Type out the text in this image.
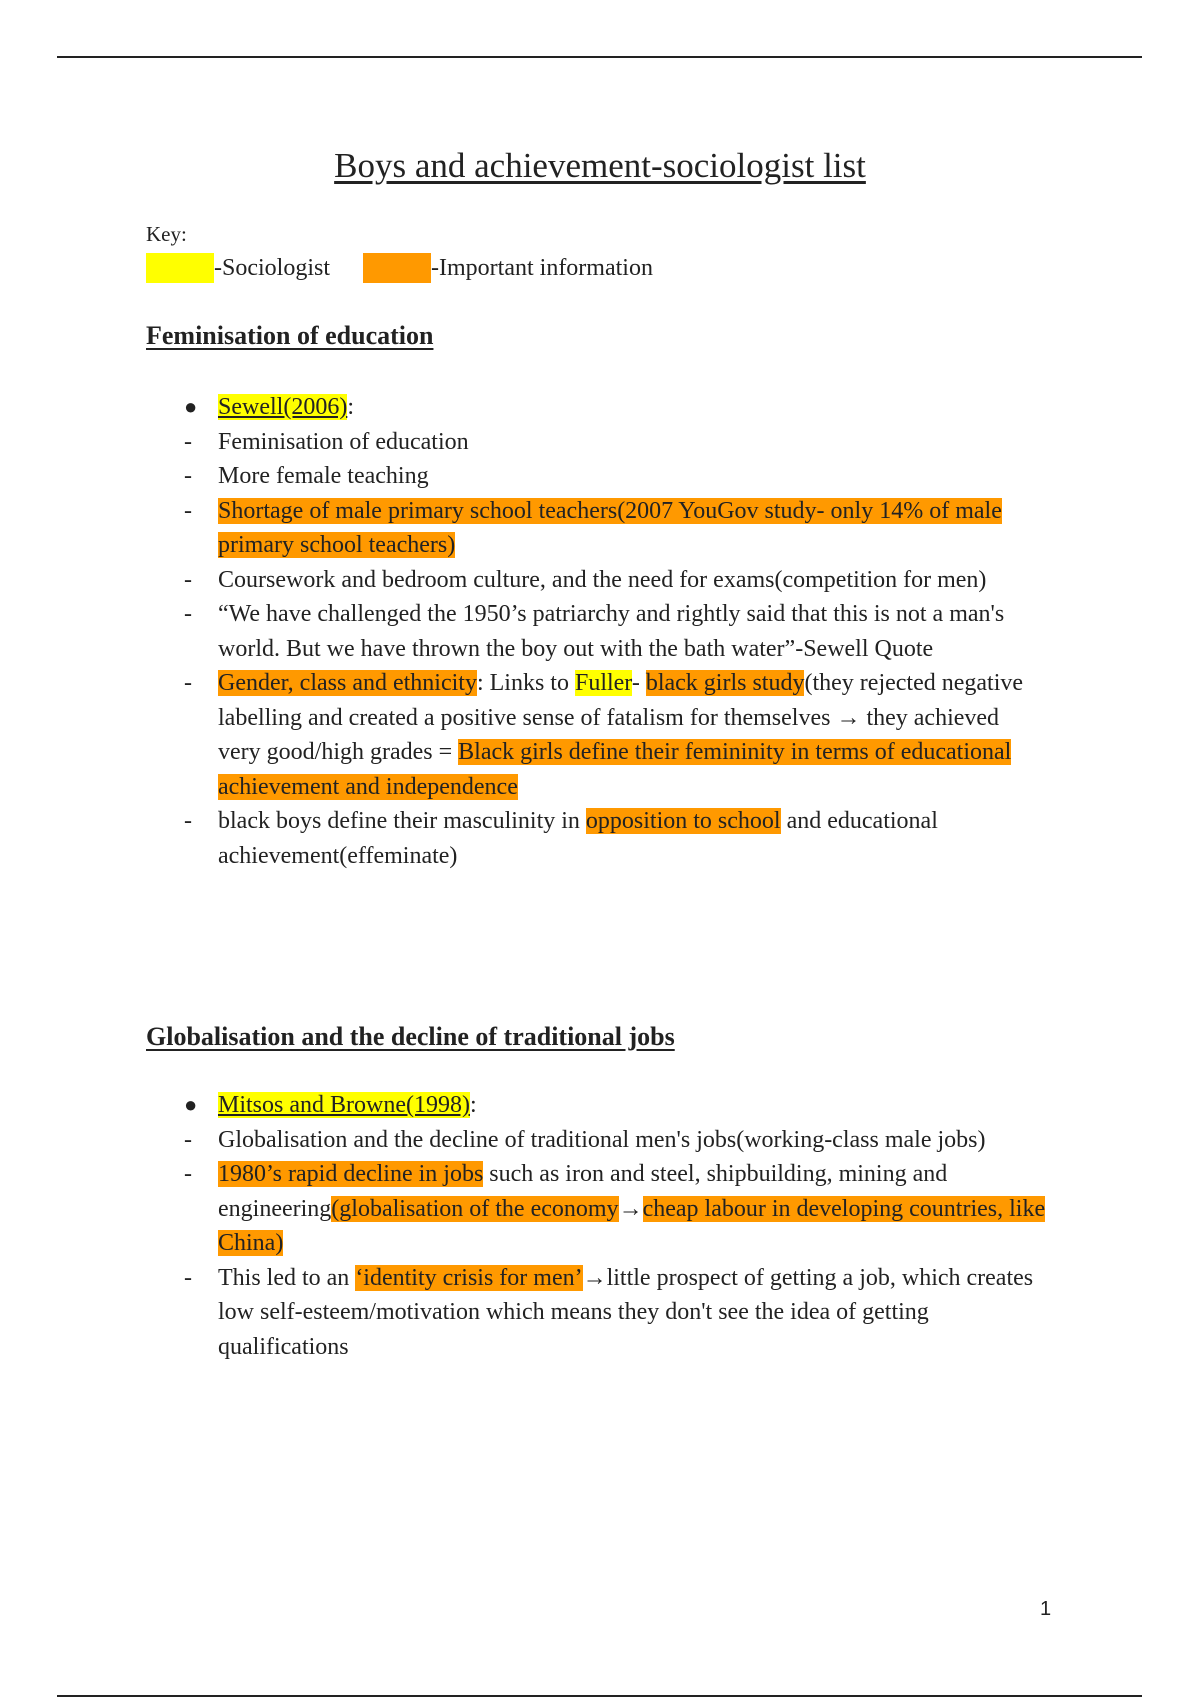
Boys and achievement-sociologist list
Key:
-Sociologist	-Important information
Feminisation of education
● Sewell(2006):
- Feminisation of education
- More female teaching
- Shortage of male primary school teachers(2007 YouGov study- only 14% of male primary school teachers)
- Coursework and bedroom culture, and the need for exams(competition for men)
- “We have challenged the 1950’s patriarchy and rightly said that this is not a man's world. But we have thrown the boy out with the bath water”-Sewell Quote
- Gender, class and ethnicity: Links to Fuller- black girls study(they rejected negative labelling and created a positive sense of fatalism for themselves → they achieved very good/high grades = Black girls define their femininity in terms of educational achievement and independence
- black boys define their masculinity in opposition to school and educational achievement(effeminate)
Globalisation and the decline of traditional jobs
● Mitsos and Browne(1998):
- Globalisation and the decline of traditional men's jobs(working-class male jobs)
- 1980’s rapid decline in jobs such as iron and steel, shipbuilding, mining and engineering(globalisation of the economy→cheap labour in developing countries, like China)
- This led to an ‘identity crisis for men’→little prospect of getting a job, which creates low self-esteem/motivation which means they don't see the idea of getting qualifications
1
